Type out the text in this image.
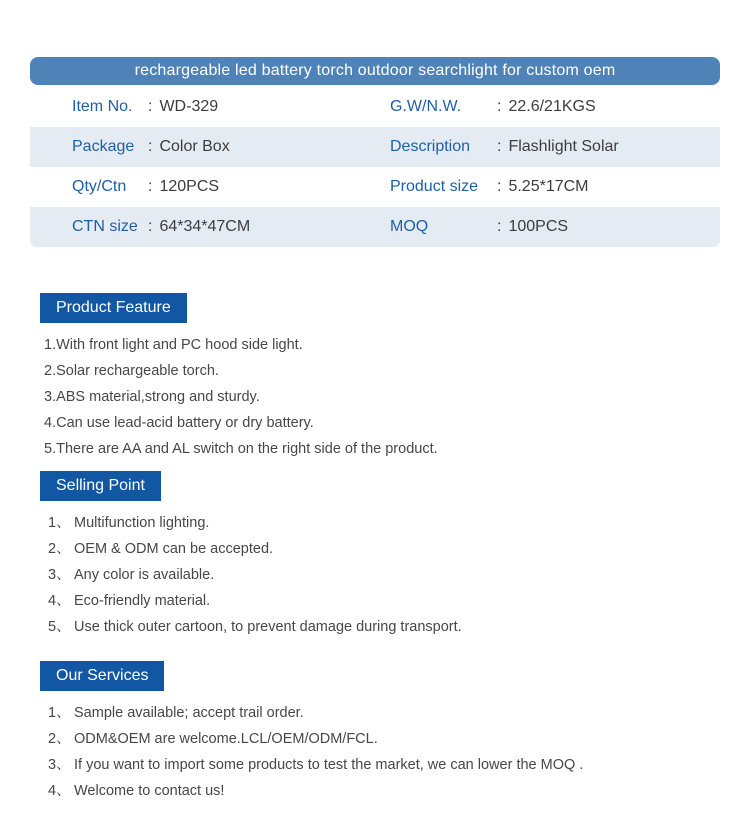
rechargeable led battery torch outdoor searchlight for custom oem
Item No. : WD-329	G.W/N.W.	: 22.6/21KGS
Package : Color Box	Description	: Flashlight Solar
Qty/Ctn	: 120PCS	Product size	: 5.25*17CM
CTN size : 64*34*47CM	MOQ	: 100PCS
Product Feature
1. With front light and PC hood side light.
2. Solar rechargeable torch.
3. ABS material,strong and sturdy.
4. Can use lead-acid battery or dry battery.
5. There are AA and AL switch on the right side of the product.
Selling Point
1、 Multifunction lighting.
2、 OEM & ODM can be accepted.
3、 Any color is available.
4、 Eco-friendly material.
5、 Use thick outer cartoon, to prevent damage during transport.
Our Services
1、 Sample available; accept trail order.
2、 ODM&OEM are welcome.LCL/OEM/ODM/FCL.
3、 If you want to import some products to test the market, we can lower the MOQ .
4、 Welcome to contact us!
